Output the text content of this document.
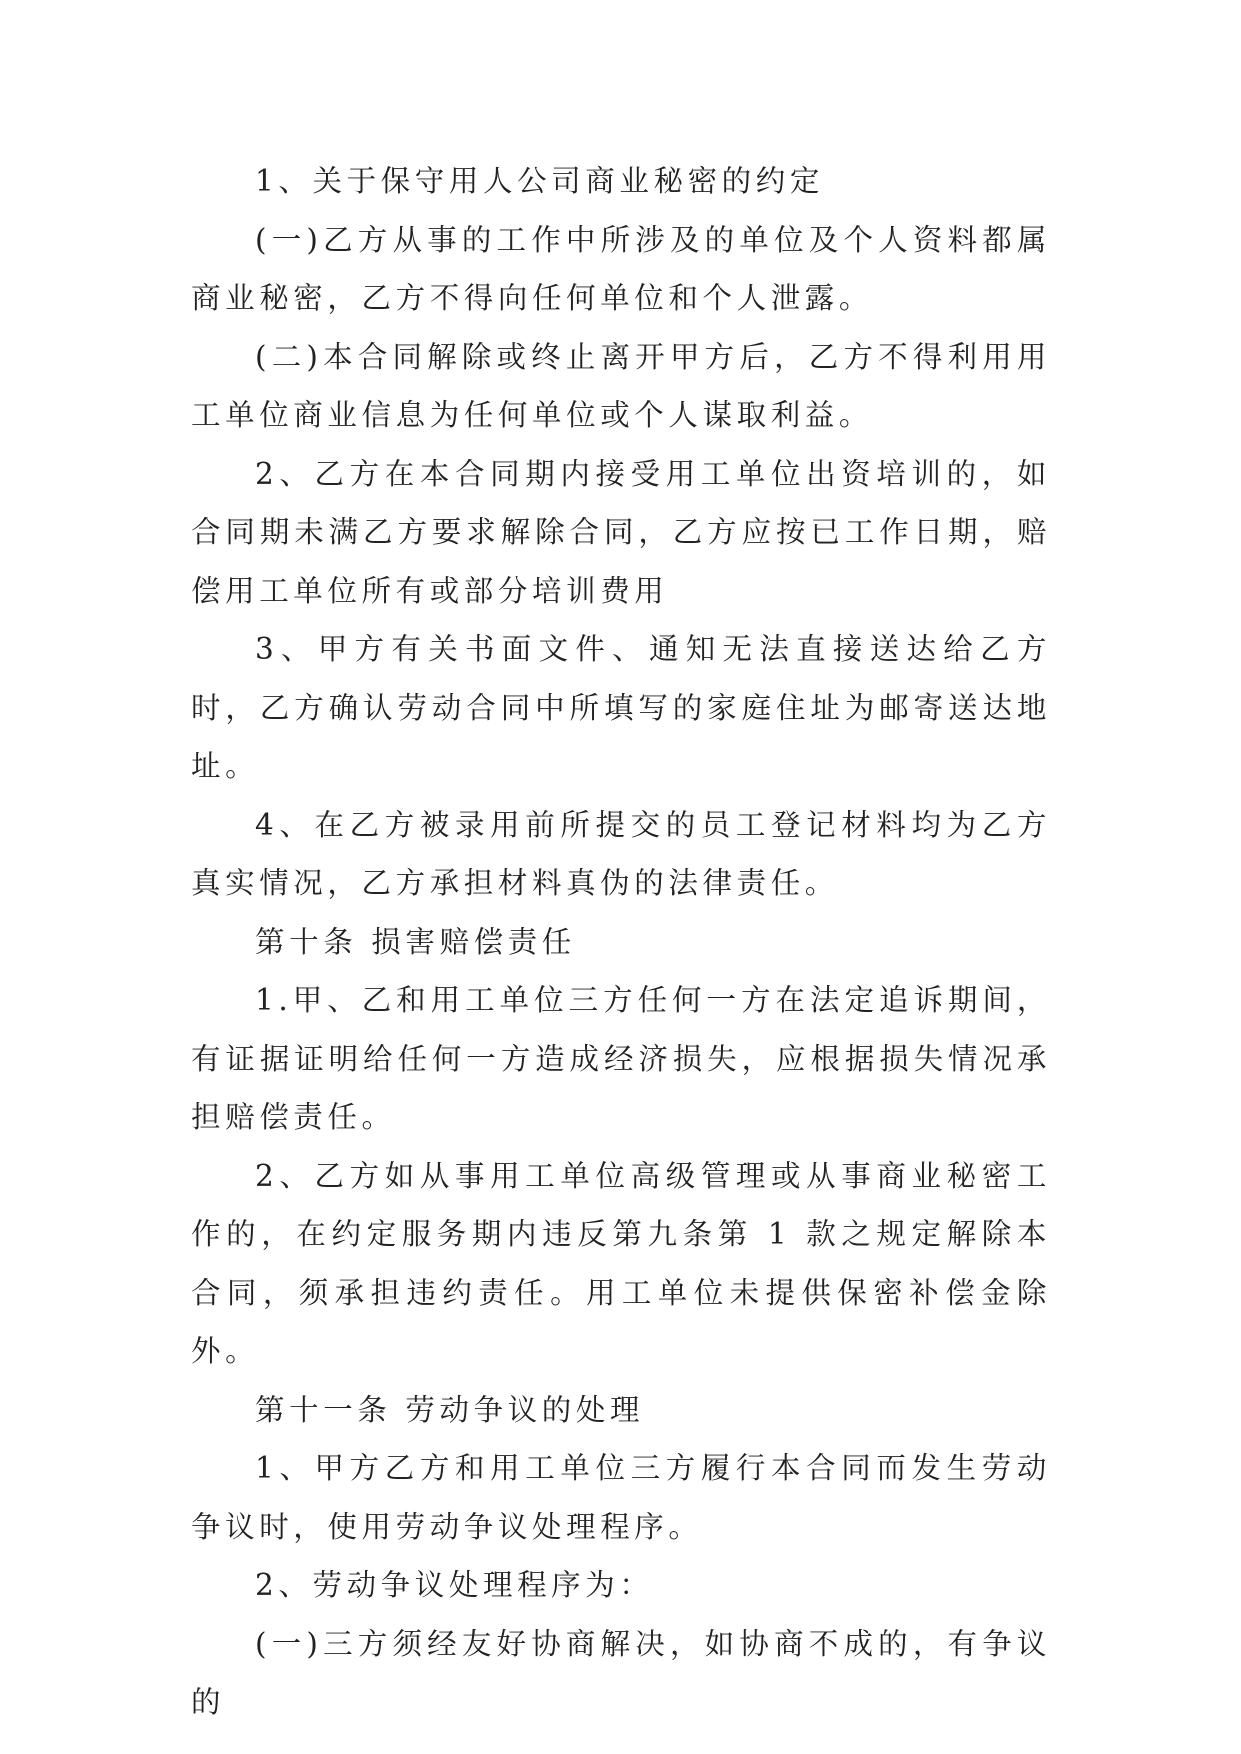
1、关于保守用人公司商业秘密的约定

(一)乙方从事的工作中所涉及的单位及个人资料都属商业秘密，乙方不得向任何单位和个人泄露。

(二)本合同解除或终止离开甲方后，乙方不得利用用工单位商业信息为任何单位或个人谋取利益。

2、乙方在本合同期内接受用工单位出资培训的，如合同期未满乙方要求解除合同，乙方应按已工作日期，赔偿用工单位所有或部分培训费用

3、甲方有关书面文件、通知无法直接送达给乙方时，乙方确认劳动合同中所填写的家庭住址为邮寄送达地址。

4、在乙方被录用前所提交的员工登记材料均为乙方真实情况，乙方承担材料真伪的法律责任。

第十条 损害赔偿责任

1.甲、乙和用工单位三方任何一方在法定追诉期间，有证据证明给任何一方造成经济损失，应根据损失情况承担赔偿责任。

2、乙方如从事用工单位高级管理或从事商业秘密工作的，在约定服务期内违反第九条第 1 款之规定解除本合同，须承担违约责任。用工单位未提供保密补偿金除外。

第十一条 劳动争议的处理

1、甲方乙方和用工单位三方履行本合同而发生劳动争议时，使用劳动争议处理程序。

2、劳动争议处理程序为：

(一)三方须经友好协商解决，如协商不成的，有争议的
